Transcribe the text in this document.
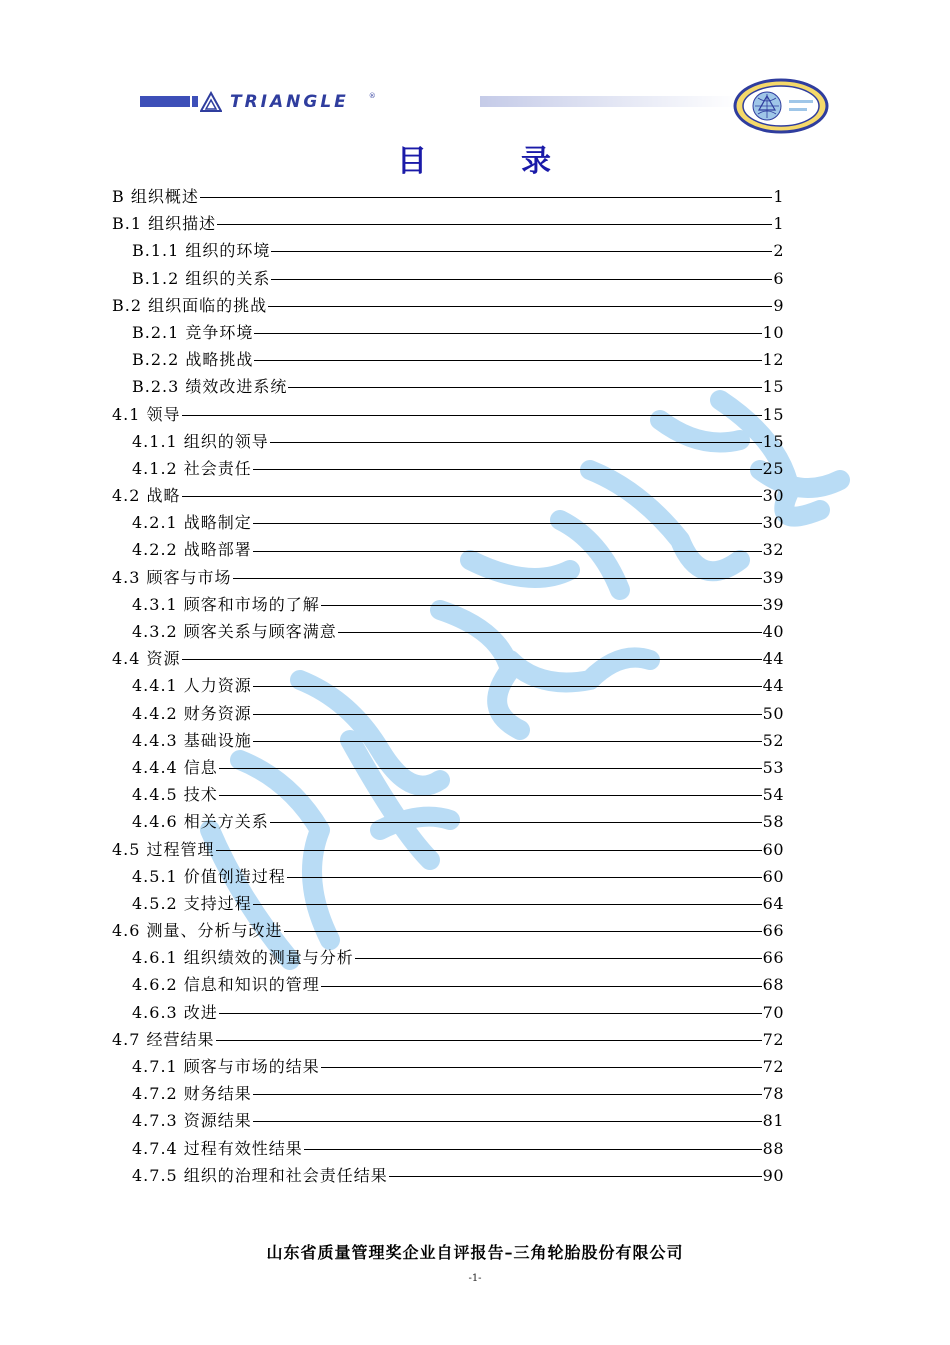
TRIANGLE	®
目	录
B 组织概述	1
B.1 组织描述	1
B.1.1 组织的环境	2
B.1.2 组织的关系	6
B.2 组织面临的挑战	9
B.2.1 竞争环境	10
B.2.2 战略挑战	12
B.2.3 绩效改进系统	15
4.1 领导	15
4.1.1 组织的领导	15
4.1.2 社会责任	25
4.2 战略	30
4.2.1 战略制定	30
4.2.2 战略部署	32
4.3 顾客与市场	39
4.3.1 顾客和市场的了解	39
4.3.2 顾客关系与顾客满意	40
4.4 资源	44
4.4.1 人力资源	44
4.4.2 财务资源	50
4.4.3 基础设施	52
4.4.4 信息	53
4.4.5 技术	54
4.4.6 相关方关系	58
4.5 过程管理	60
4.5.1 价值创造过程	60
4.5.2 支持过程	64
4.6 测量、分析与改进	66
4.6.1 组织绩效的测量与分析	66
4.6.2 信息和知识的管理	68
4.6.3 改进	70
4.7 经营结果	72
4.7.1 顾客与市场的结果	72
4.7.2 财务结果	78
4.7.3 资源结果	81
4.7.4 过程有效性结果	88
4.7.5 组织的治理和社会责任结果	90
山东省质量管理奖企业自评报告–三角轮胎股份有限公司
-1-
